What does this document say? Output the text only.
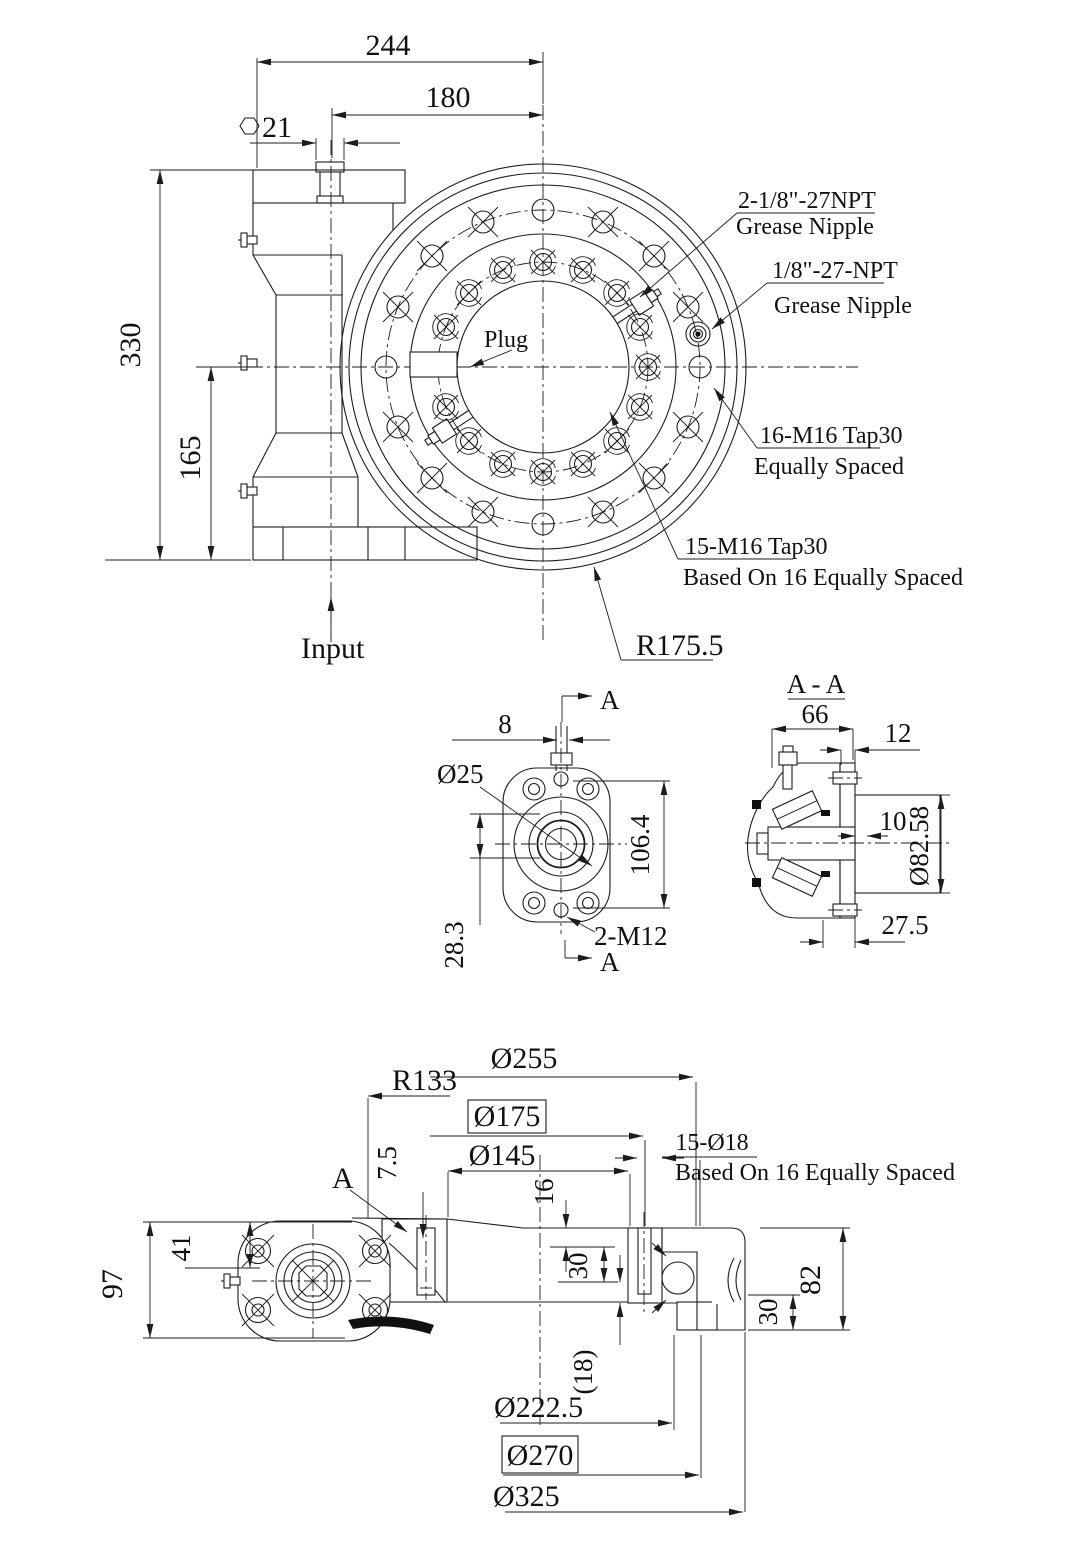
Plug
244
180
21
330
165
Input	R175.5
2-1/8"-27NPT
Grease Nipple
1/8"-27-NPT
Grease Nipple
16-M16 Tap30
Equally Spaced
15-M16 Tap30
Based On 16 Equally Spaced
A
A
8
Ø25
106.4
28.3	2-M12
A - A
66
12
10
Ø82.58
27.5
A
97
41
R133
7.5
Ø255
Ø175
Ø145
16
30
(18)
30
82
Ø222.5
Ø270
Ø325
15-Ø18
Based On 16 Equally Spaced
